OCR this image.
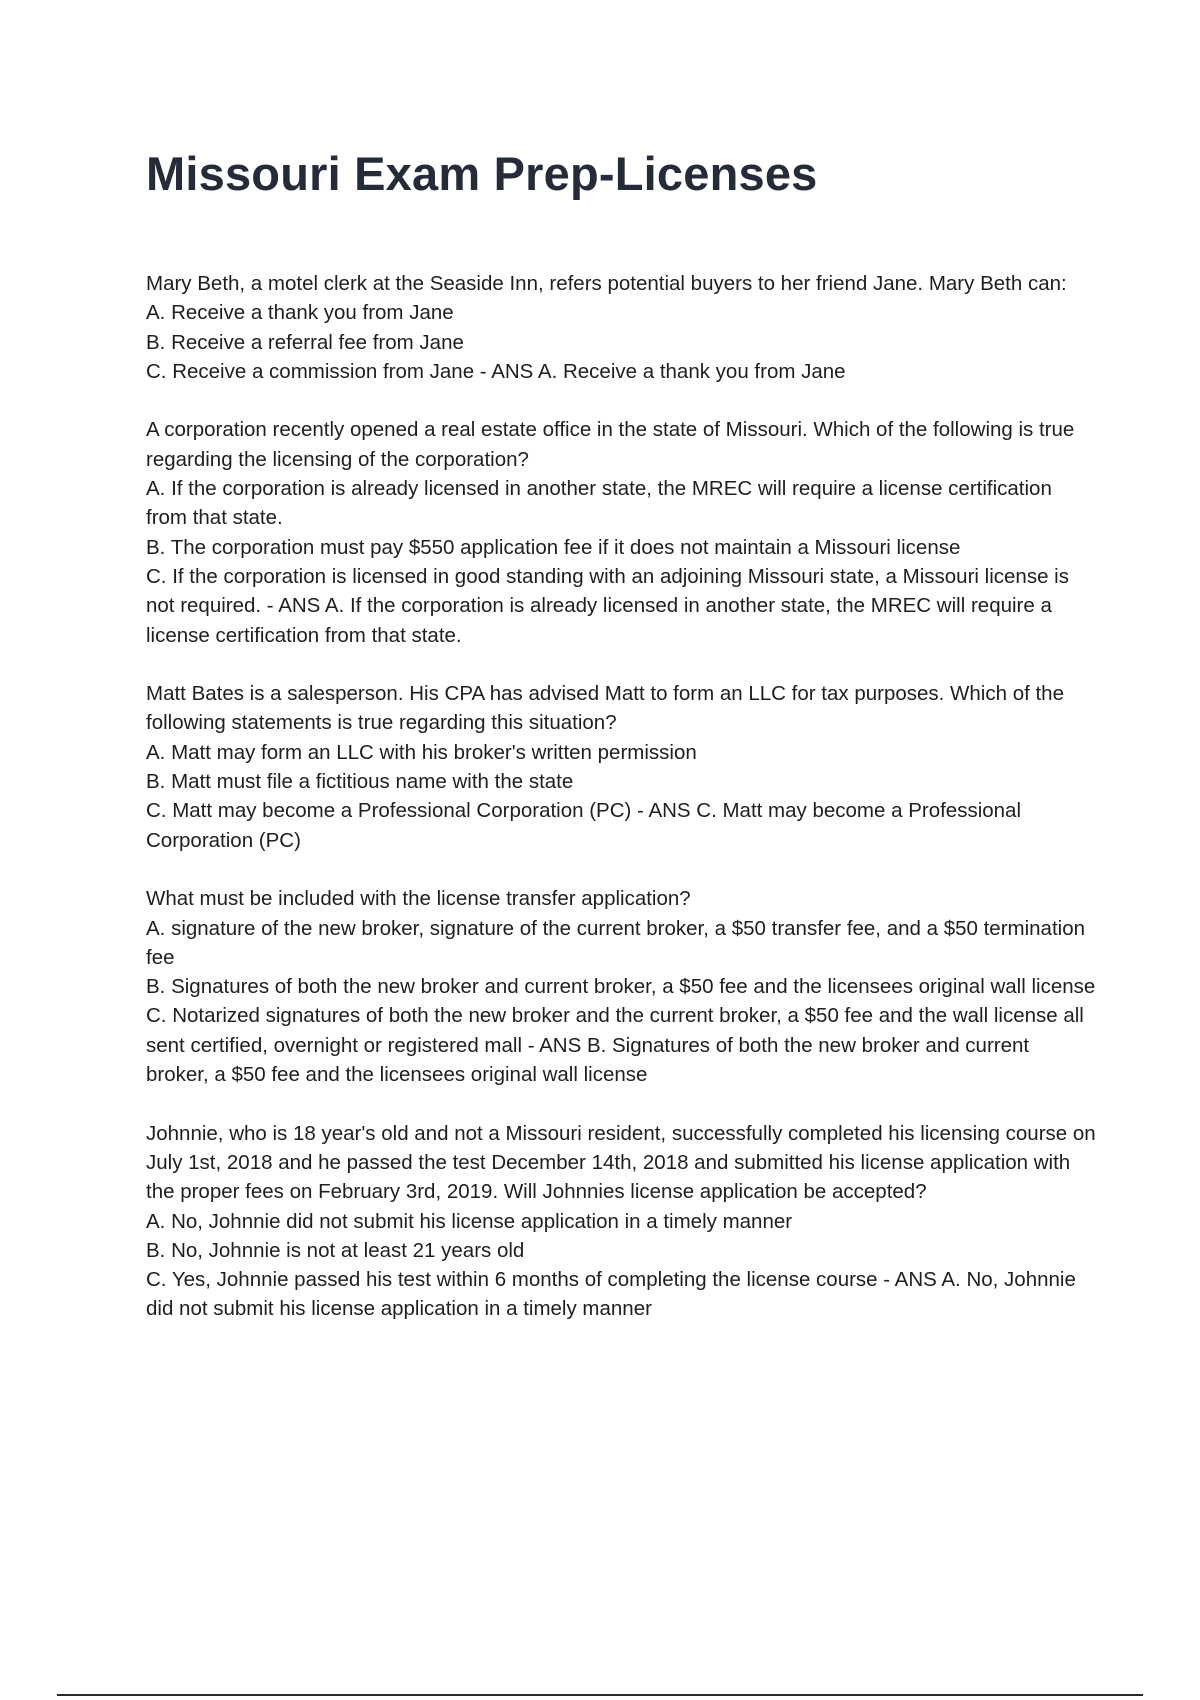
Missouri Exam Prep-Licenses
Mary Beth, a motel clerk at the Seaside Inn, refers potential buyers to her friend Jane. Mary Beth can:
A. Receive a thank you from Jane
B. Receive a referral fee from Jane
C. Receive a commission from Jane - ANS A. Receive a thank you from Jane
A corporation recently opened a real estate office in the state of Missouri. Which of the following is true regarding the licensing of the corporation?
A. If the corporation is already licensed in another state, the MREC will require a license certification from that state.
B. The corporation must pay $550 application fee if it does not maintain a Missouri license
C. If the corporation is licensed in good standing with an adjoining Missouri state, a Missouri license is not required. - ANS A. If the corporation is already licensed in another state, the MREC will require a license certification from that state.
Matt Bates is a salesperson. His CPA has advised Matt to form an LLC for tax purposes. Which of the following statements is true regarding this situation?
A. Matt may form an LLC with his broker's written permission
B. Matt must file a fictitious name with the state
C. Matt may become a Professional Corporation (PC) - ANS C. Matt may become a Professional Corporation (PC)
What must be included with the license transfer application?
A. signature of the new broker, signature of the current broker, a $50 transfer fee, and a $50 termination fee
B. Signatures of both the new broker and current broker, a $50 fee and the licensees original wall license
C. Notarized signatures of both the new broker and the current broker, a $50 fee and the wall license all sent certified, overnight or registered mall - ANS B. Signatures of both the new broker and current broker, a $50 fee and the licensees original wall license
Johnnie, who is 18 year's old and not a Missouri resident, successfully completed his licensing course on July 1st, 2018 and he passed the test December 14th, 2018 and submitted his license application with the proper fees on February 3rd, 2019. Will Johnnies license application be accepted?
A. No, Johnnie did not submit his license application in a timely manner
B. No, Johnnie is not at least 21 years old
C. Yes, Johnnie passed his test within 6 months of completing the license course - ANS A. No, Johnnie did not submit his license application in a timely manner
